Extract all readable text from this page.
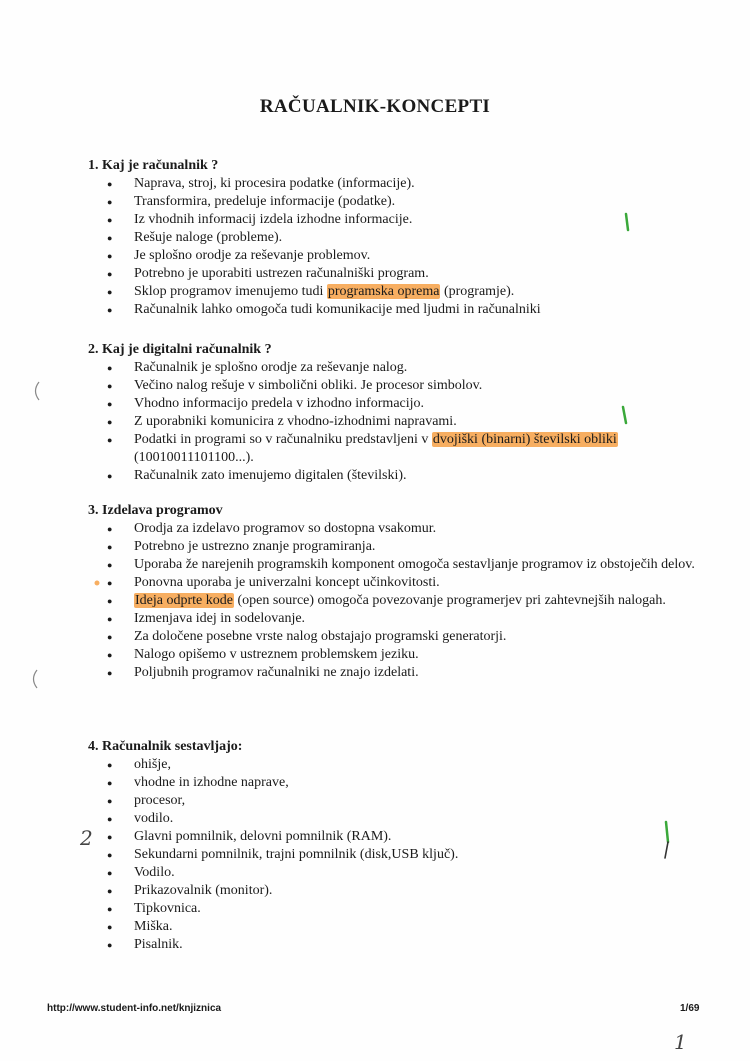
RAČUALNIK-KONCEPTI
1. Kaj je računalnik ?
● Naprava, stroj, ki procesira podatke (informacije).
● Transformira, predeluje informacije (podatke).
● Iz vhodnih informacij izdela izhodne informacije.
● Rešuje naloge (probleme).
● Je splošno orodje za reševanje problemov.
● Potrebno je uporabiti ustrezen računalniški program.
● Sklop programov imenujemo tudi programska oprema (programje).
● Računalnik lahko omogoča tudi komunikacije med ljudmi in računalniki
2. Kaj je digitalni računalnik ?
● Računalnik je splošno orodje za reševanje nalog.
● Večino nalog rešuje v simbolični obliki. Je procesor simbolov.
● Vhodno informacijo predela v izhodno informacijo.
● Z uporabniki komunicira z vhodno-izhodnimi napravami.
● Podatki in programi so v računalniku predstavljeni v dvojiški (binarni) številski obliki (10010011101100...).
● Računalnik zato imenujemo digitalen (številski).
3. Izdelava programov
● Orodja za izdelavo programov so dostopna vsakomur.
● Potrebno je ustrezno znanje programiranja.
● Uporaba že narejenih programskih komponent omogoča sestavljanje programov iz obstoječih delov.
● Ponovna uporaba je univerzalni koncept učinkovitosti.
● Ideja odprte kode (open source) omogoča povezovanje programerjev pri zahtevnejših nalogah.
● Izmenjava idej in sodelovanje.
● Za določene posebne vrste nalog obstajajo programski generatorji.
● Nalogo opišemo v ustreznem problemskem jeziku.
● Poljubnih programov računalniki ne znajo izdelati.
4. Računalnik sestavljajo:
● ohišje,
● vhodne in izhodne naprave,
● procesor,
● vodilo.
● Glavni pomnilnik, delovni pomnilnik (RAM).
● Sekundarni pomnilnik, trajni pomnilnik (disk,USB ključ).
● Vodilo.
● Prikazovalnik (monitor).
● Tipkovnica.
● Miška.
● Pisalnik.
http://www.student-info.net/knjiznica	1/69
1
2
